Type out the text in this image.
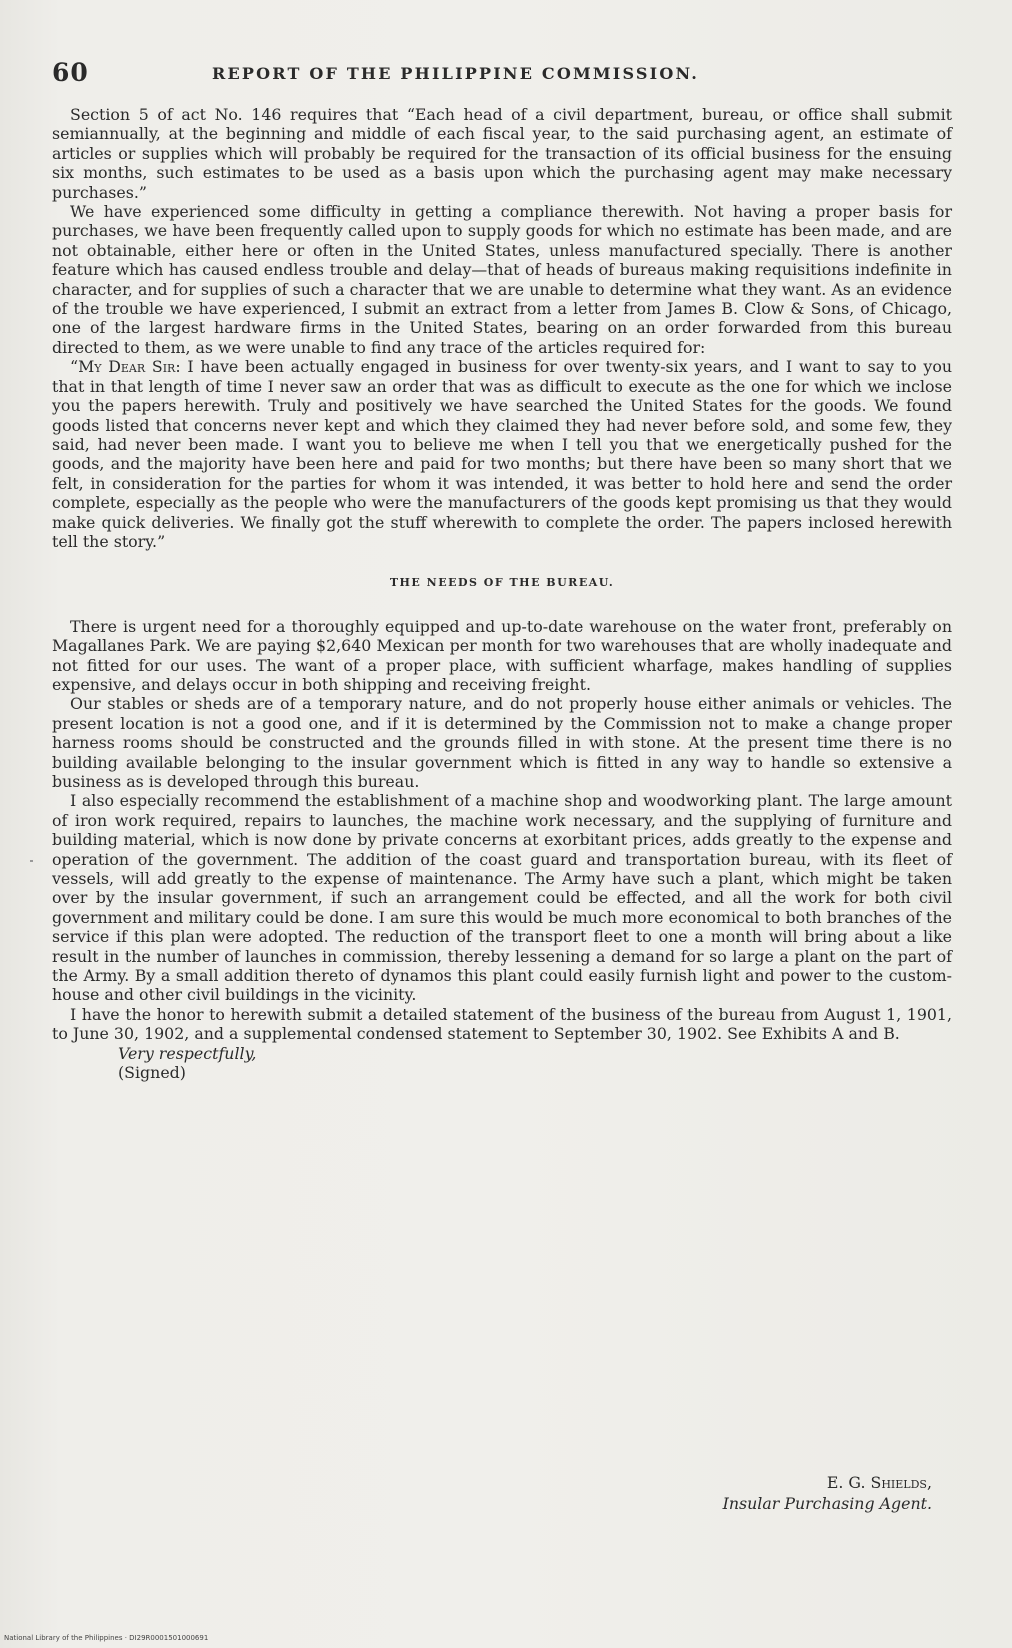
60	REPORT OF THE PHILIPPINE COMMISSION.

Section 5 of act No. 146 requires that “Each head of a civil department, bureau, or office shall submit semiannually, at the beginning and middle of each fiscal year, to the said purchasing agent, an estimate of articles or supplies which will probably be required for the transaction of its official business for the ensuing six months, such estimates to be used as a basis upon which the purchasing agent may make necessary purchases.”

We have experienced some difficulty in getting a compliance therewith. Not having a proper basis for purchases, we have been frequently called upon to supply goods for which no estimate has been made, and are not obtainable, either here or often in the United States, unless manufactured specially. There is another feature which has caused endless trouble and delay—that of heads of bureaus making requisitions indefinite in character, and for supplies of such a character that we are unable to determine what they want. As an evidence of the trouble we have experienced, I submit an extract from a letter from James B. Clow & Sons, of Chicago, one of the largest hardware firms in the United States, bearing on an order forwarded from this bureau directed to them, as we were unable to find any trace of the articles required for:

“My Dear Sir: I have been actually engaged in business for over twenty-six years, and I want to say to you that in that length of time I never saw an order that was as difficult to execute as the one for which we inclose you the papers herewith. Truly and positively we have searched the United States for the goods. We found goods listed that concerns never kept and which they claimed they had never before sold, and some few, they said, had never been made. I want you to believe me when I tell you that we energetically pushed for the goods, and the majority have been here and paid for two months; but there have been so many short that we felt, in consideration for the parties for whom it was intended, it was better to hold here and send the order complete, especially as the people who were the manufacturers of the goods kept promising us that they would make quick deliveries. We finally got the stuff wherewith to complete the order. The papers inclosed herewith tell the story.”

THE NEEDS OF THE BUREAU.

There is urgent need for a thoroughly equipped and up-to-date warehouse on the water front, preferably on Magallanes Park. We are paying $2,640 Mexican per month for two warehouses that are wholly inadequate and not fitted for our uses. The want of a proper place, with sufficient wharfage, makes handling of supplies expensive, and delays occur in both shipping and receiving freight.

Our stables or sheds are of a temporary nature, and do not properly house either animals or vehicles. The present location is not a good one, and if it is determined by the Commission not to make a change proper harness rooms should be constructed and the grounds filled in with stone. At the present time there is no building available belonging to the insular government which is fitted in any way to handle so extensive a business as is developed through this bureau.

I also especially recommend the establishment of a machine shop and woodworking plant. The large amount of iron work required, repairs to launches, the machine work necessary, and the supplying of furniture and building material, which is now done by private concerns at exorbitant prices, adds greatly to the expense and operation of the government. The addition of the coast guard and transportation bureau, with its fleet of vessels, will add greatly to the expense of maintenance. The Army have such a plant, which might be taken over by the insular government, if such an arrangement could be effected, and all the work for both civil government and military could be done. I am sure this would be much more economical to both branches of the service if this plan were adopted. The reduction of the transport fleet to one a month will bring about a like result in the number of launches in commission, thereby lessening a demand for so large a plant on the part of the Army. By a small addition thereto of dynamos this plant could easily furnish light and power to the custom-house and other civil buildings in the vicinity.

I have the honor to herewith submit a detailed statement of the business of the bureau from August 1, 1901, to June 30, 1902, and a supplemental condensed statement to September 30, 1902. See Exhibits A and B.

Very respectfully,
(Signed)
E. G. Shields,
Insular Purchasing Agent.
National Library of the Philippines · DI29R0001501000691
